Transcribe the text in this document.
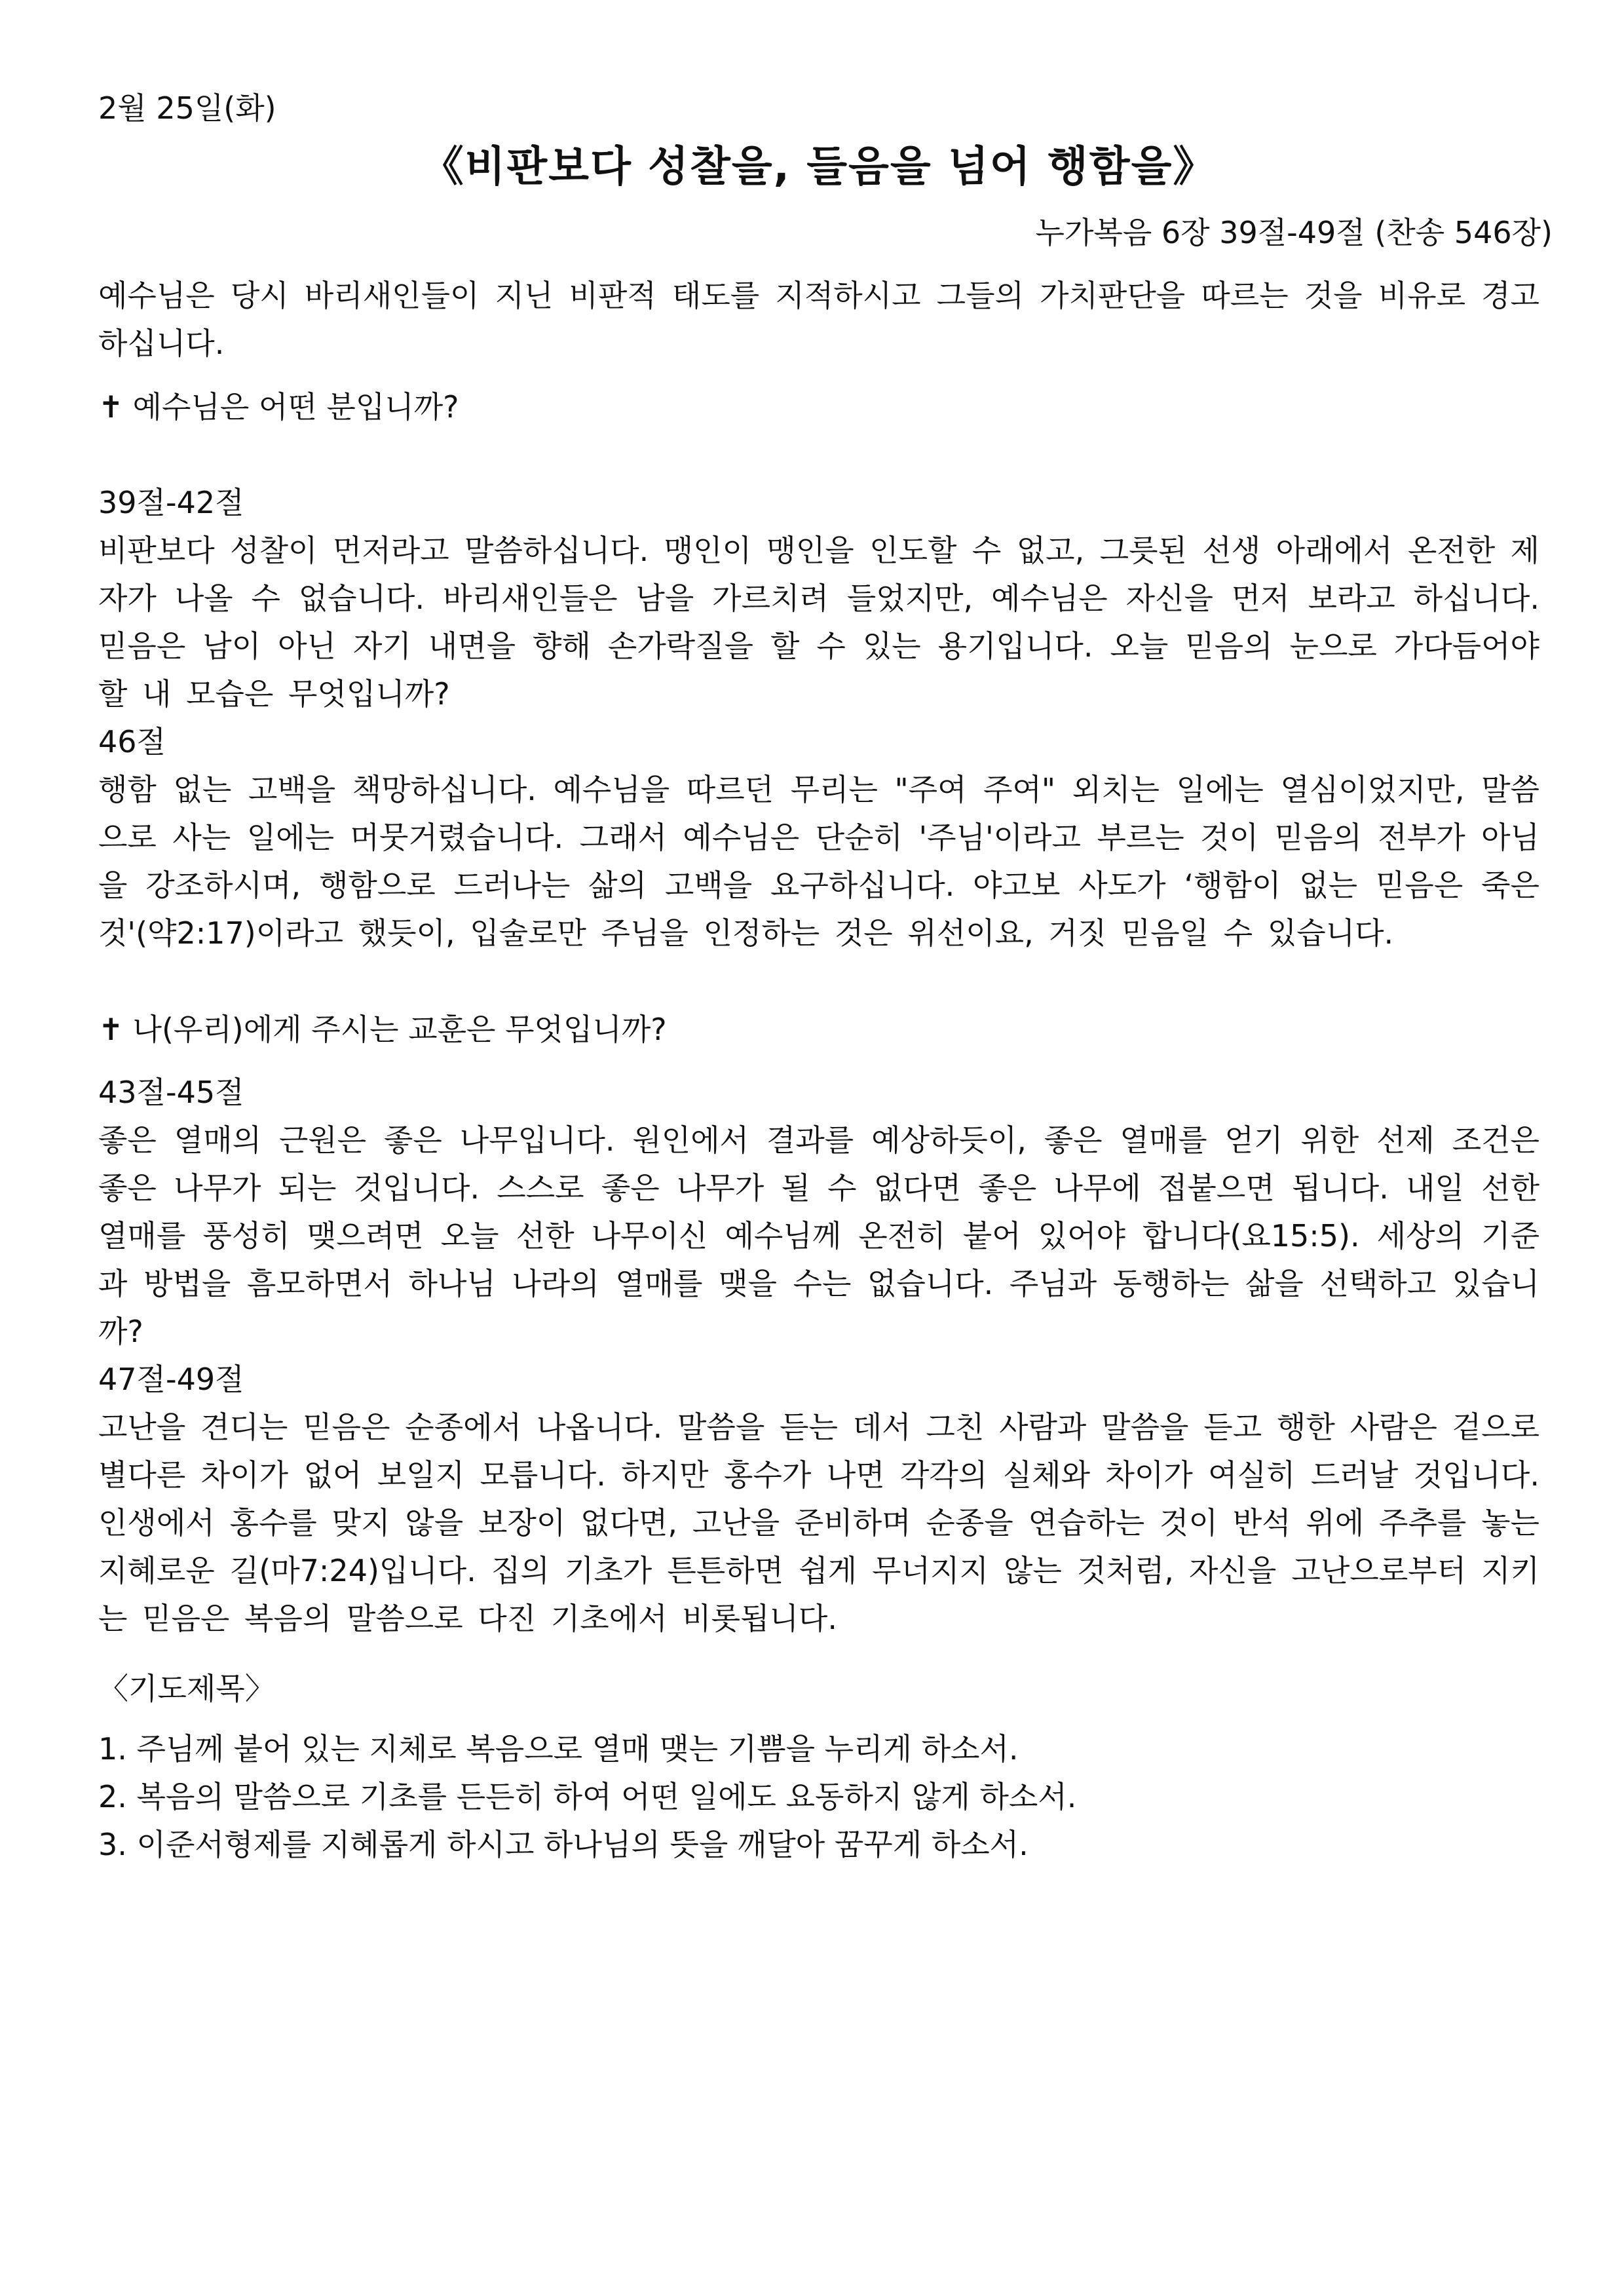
2월 25일(화)
《비판보다 성찰을, 들음을 넘어 행함을》
누가복음 6장 39절-49절 (찬송 546장)
예수님은 당시 바리새인들이 지닌 비판적 태도를 지적하시고 그들의 가치판단을 따르는 것을 비유로 경고하십니다.
✝ 예수님은 어떤 분입니까?
39절-42절
비판보다 성찰이 먼저라고 말씀하십니다. 맹인이 맹인을 인도할 수 없고, 그릇된 선생 아래에서 온전한 제자가 나올 수 없습니다. 바리새인들은 남을 가르치려 들었지만, 예수님은 자신을 먼저 보라고 하십니다. 믿음은 남이 아닌 자기 내면을 향해 손가락질을 할 수 있는 용기입니다. 오늘 믿음의 눈으로 가다듬어야 할 내 모습은 무엇입니까?
46절
행함 없는 고백을 책망하십니다. 예수님을 따르던 무리는 "주여 주여" 외치는 일에는 열심이었지만, 말씀으로 사는 일에는 머뭇거렸습니다. 그래서 예수님은 단순히 '주님'이라고 부르는 것이 믿음의 전부가 아님을 강조하시며, 행함으로 드러나는 삶의 고백을 요구하십니다. 야고보 사도가 ‘행함이 없는 믿음은 죽은 것'(약2:17)이라고 했듯이, 입술로만 주님을 인정하는 것은 위선이요, 거짓 믿음일 수 있습니다.
✝ 나(우리)에게 주시는 교훈은 무엇입니까?
43절-45절
좋은 열매의 근원은 좋은 나무입니다. 원인에서 결과를 예상하듯이, 좋은 열매를 얻기 위한 선제 조건은 좋은 나무가 되는 것입니다. 스스로 좋은 나무가 될 수 없다면 좋은 나무에 접붙으면 됩니다. 내일 선한 열매를 풍성히 맺으려면 오늘 선한 나무이신 예수님께 온전히 붙어 있어야 합니다(요15:5). 세상의 기준과 방법을 흠모하면서 하나님 나라의 열매를 맺을 수는 없습니다. 주님과 동행하는 삶을 선택하고 있습니까?
47절-49절
고난을 견디는 믿음은 순종에서 나옵니다. 말씀을 듣는 데서 그친 사람과 말씀을 듣고 행한 사람은 겉으로 별다른 차이가 없어 보일지 모릅니다. 하지만 홍수가 나면 각각의 실체와 차이가 여실히 드러날 것입니다. 인생에서 홍수를 맞지 않을 보장이 없다면, 고난을 준비하며 순종을 연습하는 것이 반석 위에 주추를 놓는 지혜로운 길(마7:24)입니다. 집의 기초가 튼튼하면 쉽게 무너지지 않는 것처럼, 자신을 고난으로부터 지키는 믿음은 복음의 말씀으로 다진 기초에서 비롯됩니다.
〈기도제목〉
1. 주님께 붙어 있는 지체로 복음으로 열매 맺는 기쁨을 누리게 하소서.
2. 복음의 말씀으로 기초를 든든히 하여 어떤 일에도 요동하지 않게 하소서.
3. 이준서형제를 지혜롭게 하시고 하나님의 뜻을 깨달아 꿈꾸게 하소서.
